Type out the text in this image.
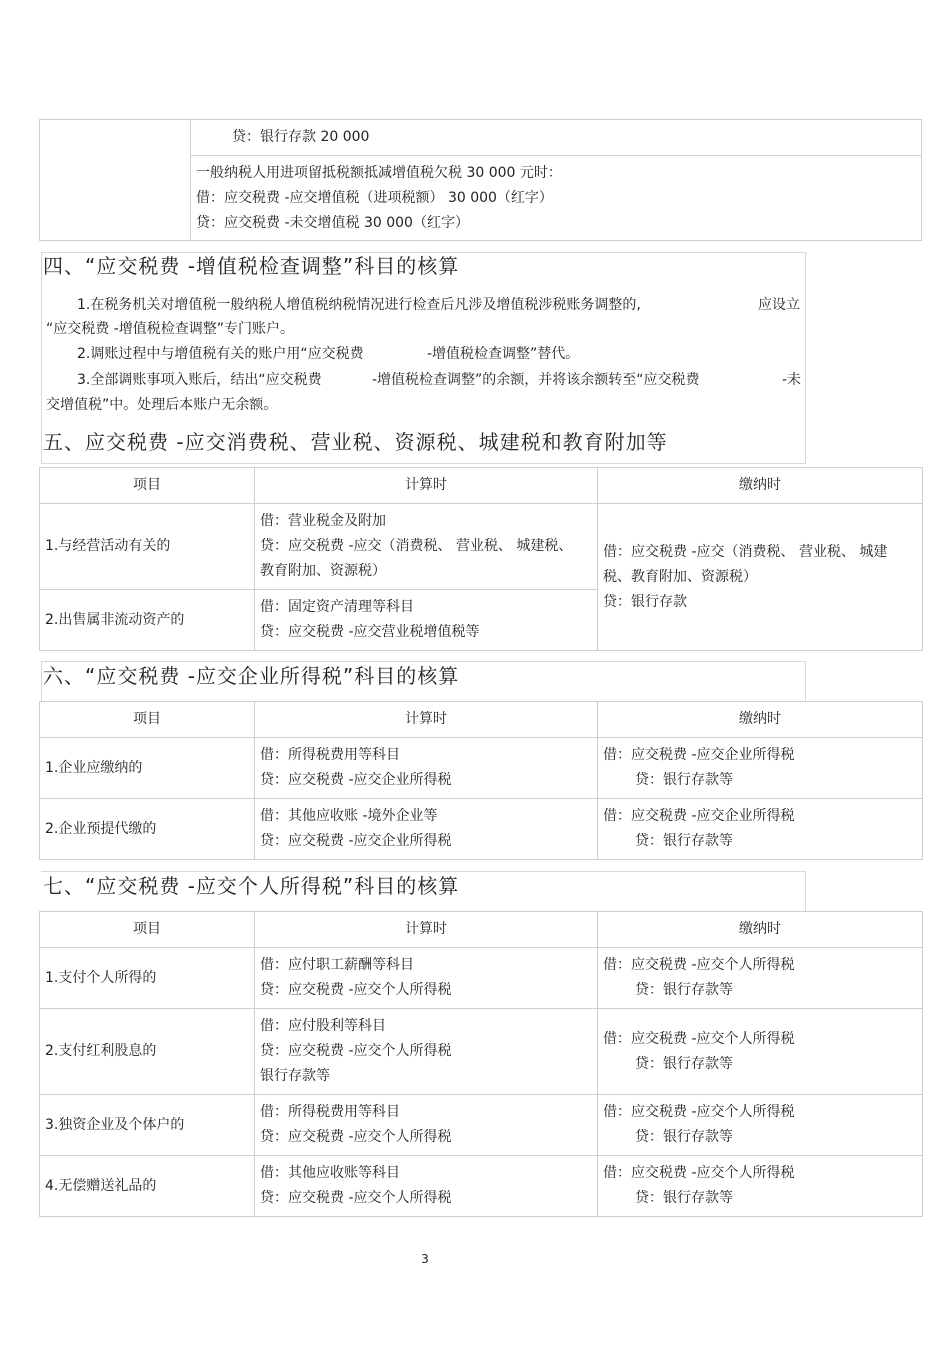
贷：银行存款 20 000
一般纳税人用进项留抵税额抵减增值税欠税 30 000 元时：
借：应交税费 -应交增值税（进项税额） 30 000（红字）
贷：应交税费 -未交增值税 30 000（红字）
四、“应交税费 -增值税检查调整”科目的核算
1.在税务机关对增值税一般纳税人增值税纳税情况进行检查后凡涉及增值税涉税账务调整的,	应设立
“应交税费 -增值税检查调整”专门账户。
2.调账过程中与增值税有关的账户用“应交税费	-增值税检查调整”替代。
3.全部调账事项入账后，结出“应交税费	-增值税检查调整”的余额，并将该余额转至“应交税费	-未
交增值税”中。处理后本账户无余额。
五、应交税费 -应交消费税、营业税、资源税、城建税和教育附加等
项目	计算时	缴纳时
1.与经营活动有关的	借：营业税金及附加
贷：应交税费 -应交（消费税、 营业税、 城建税、
教育附加、资源税）	借：应交税费 -应交（消费税、 营业税、 城建
税、教育附加、资源税）
贷：银行存款

2.出售属非流动资产的	借：固定资产清理等科目
贷：应交税费 -应交营业税增值税等	
六、“应交税费 -应交企业所得税”科目的核算
项目	计算时	缴纳时
1.企业应缴纳的	借：所得税费用等科目
贷：应交税费 -应交企业所得税	借：应交税费 -应交企业所得税
贷：银行存款等

2.企业预提代缴的	借：其他应收账 -境外企业等
贷：应交税费 -应交企业所得税	借：应交税费 -应交企业所得税
贷：银行存款等
七、“应交税费 -应交个人所得税”科目的核算
项目	计算时	缴纳时
1.支付个人所得的	借：应付职工薪酬等科目
贷：应交税费 -应交个人所得税	借：应交税费 -应交个人所得税
贷：银行存款等

2.支付红利股息的	借：应付股利等科目
贷：应交税费 -应交个人所得税
银行存款等	借：应交税费 -应交个人所得税
贷：银行存款等

3.独资企业及个体户的	借：所得税费用等科目
贷：应交税费 -应交个人所得税	借：应交税费 -应交个人所得税
贷：银行存款等

4.无偿赠送礼品的	借：其他应收账等科目
贷：应交税费 -应交个人所得税	借：应交税费 -应交个人所得税
贷：银行存款等
3
